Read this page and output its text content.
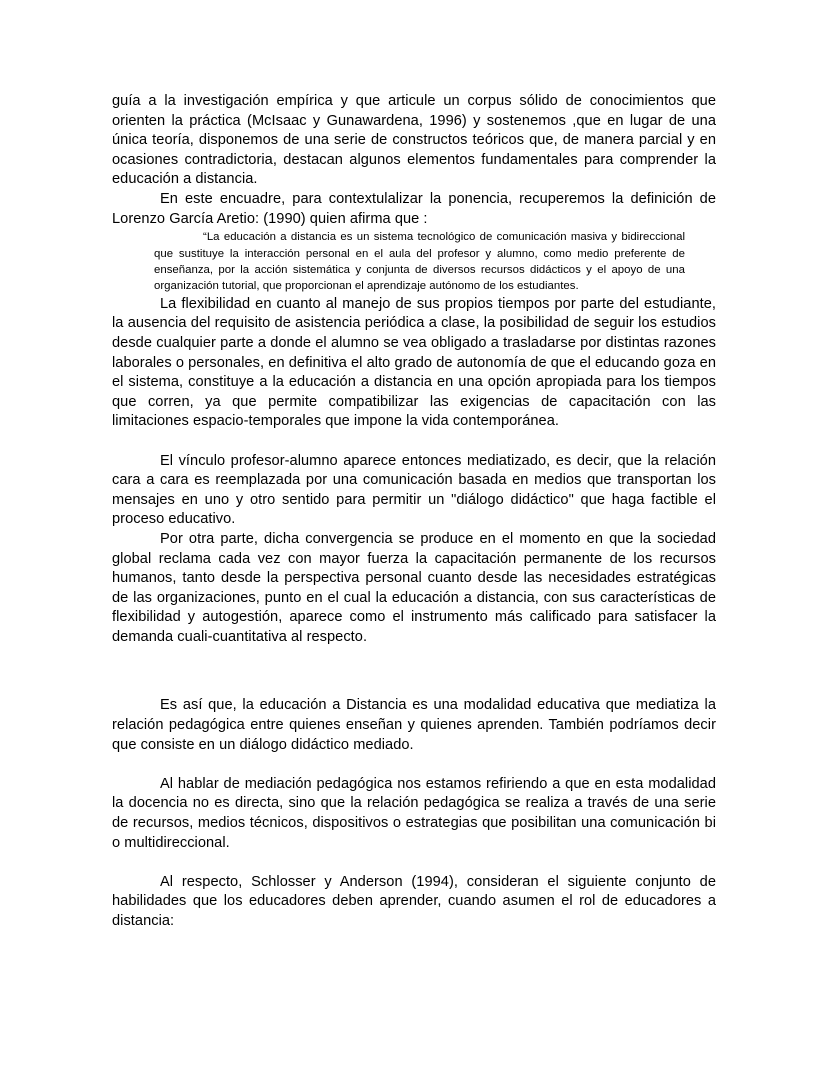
guía a la investigación empírica y que articule un corpus sólido de conocimientos que orienten la práctica (McIsaac y Gunawardena, 1996) y sostenemos ,que en lugar de una única teoría, disponemos de una serie de constructos teóricos que, de manera parcial y en ocasiones contradictoria, destacan algunos elementos fundamentales para comprender la educación a distancia.

En este encuadre, para contextulalizar la ponencia, recuperemos la definición de Lorenzo García Aretio: (1990) quien afirma que :

“La educación a distancia es un sistema tecnológico de comunicación masiva y bidireccional que sustituye la interacción personal en el aula del profesor y alumno, como medio preferente de enseñanza, por la acción sistemática y conjunta de diversos recursos didácticos y el apoyo de una organización tutorial, que proporcionan el aprendizaje autónomo de los estudiantes.

La flexibilidad en cuanto al manejo de sus propios tiempos por parte del estudiante, la ausencia del requisito de asistencia periódica a clase, la posibilidad de seguir los estudios desde cualquier parte a donde el alumno se vea obligado a trasladarse por distintas razones laborales o personales, en definitiva el alto grado de autonomía de que el educando goza en el sistema, constituye a la educación a distancia en una opción apropiada para los tiempos que corren, ya que permite compatibilizar las exigencias de capacitación con las limitaciones espacio-temporales que impone la vida contemporánea.

El vínculo profesor-alumno aparece entonces mediatizado, es decir, que la relación cara a cara es reemplazada por una comunicación basada en medios que transportan los mensajes en uno y otro sentido para permitir un "diálogo didáctico" que haga factible el proceso educativo.

Por otra parte, dicha convergencia se produce en el momento en que la sociedad global reclama cada vez con mayor fuerza la capacitación permanente de los recursos humanos, tanto desde la perspectiva personal cuanto desde las necesidades estratégicas de las organizaciones, punto en el cual la educación a distancia, con sus características de flexibilidad y autogestión, aparece como el instrumento más calificado para satisfacer la demanda cuali-cuantitativa al respecto.

Es así que, la educación a Distancia es una modalidad educativa que mediatiza la relación pedagógica entre quienes enseñan y quienes aprenden. También podríamos decir que consiste en un diálogo didáctico mediado.

Al hablar de mediación pedagógica nos estamos refiriendo a que en esta modalidad la docencia no es directa, sino que la relación pedagógica se realiza a través de una serie de recursos, medios técnicos, dispositivos o estrategias que posibilitan una comunicación bi o multidireccional.

Al respecto, Schlosser y Anderson (1994), consideran el siguiente conjunto de habilidades que los educadores deben aprender, cuando asumen el rol de educadores a distancia:
